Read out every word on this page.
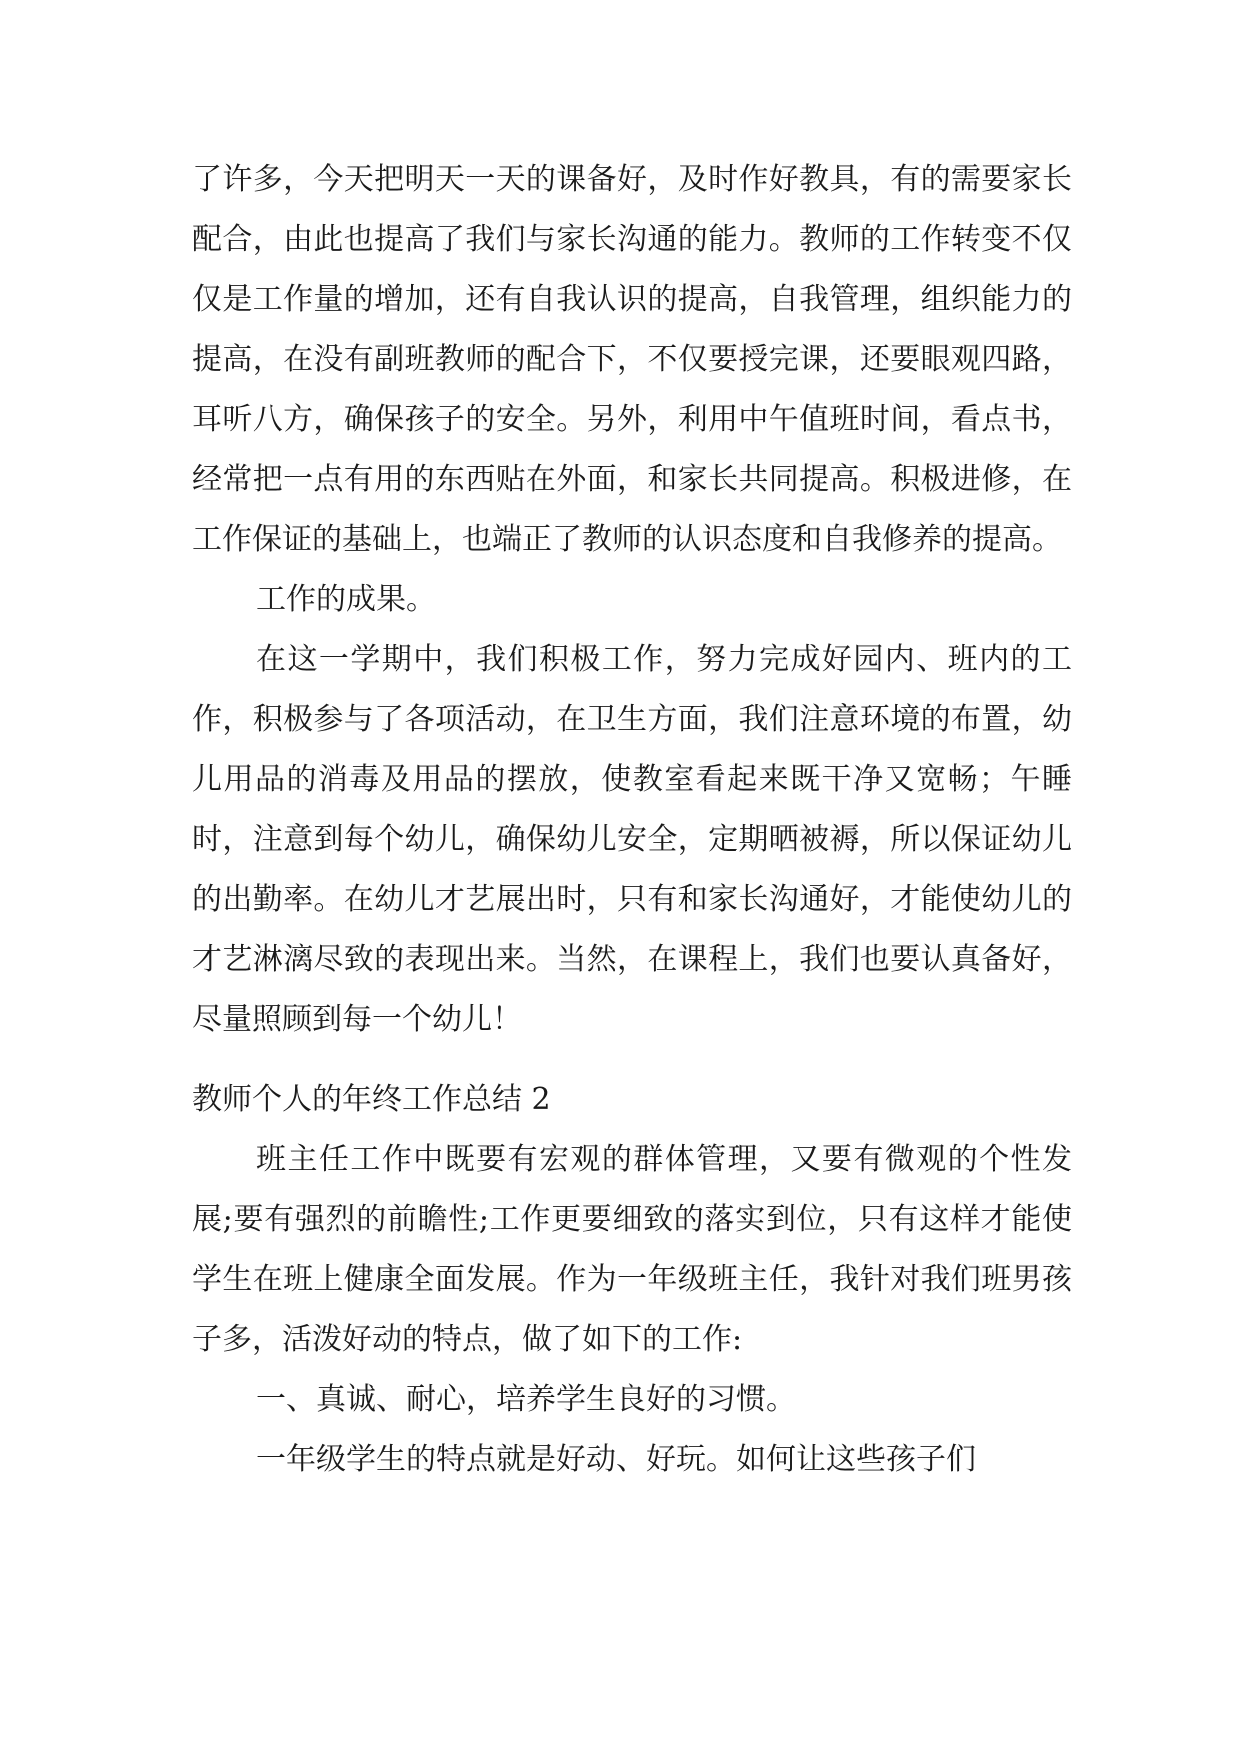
了许多，今天把明天一天的课备好，及时作好教具，有的需要家长配合，由此也提高了我们与家长沟通的能力。教师的工作转变不仅仅是工作量的增加，还有自我认识的提高，自我管理，组织能力的提高，在没有副班教师的配合下，不仅要授完课，还要眼观四路，耳听八方，确保孩子的安全。另外，利用中午值班时间，看点书，经常把一点有用的东西贴在外面，和家长共同提高。积极进修，在工作保证的基础上，也端正了教师的认识态度和自我修养的提高。

工作的成果。

在这一学期中，我们积极工作，努力完成好园内、班内的工作，积极参与了各项活动，在卫生方面，我们注意环境的布置，幼儿用品的消毒及用品的摆放，使教室看起来既干净又宽畅；午睡时，注意到每个幼儿，确保幼儿安全，定期晒被褥，所以保证幼儿的出勤率。在幼儿才艺展出时，只有和家长沟通好，才能使幼儿的才艺淋漓尽致的表现出来。当然，在课程上，我们也要认真备好，尽量照顾到每一个幼儿！

教师个人的年终工作总结 2

班主任工作中既要有宏观的群体管理，又要有微观的个性发展;要有强烈的前瞻性;工作更要细致的落实到位，只有这样才能使学生在班上健康全面发展。作为一年级班主任，我针对我们班男孩子多，活泼好动的特点，做了如下的工作:

一、真诚、耐心，培养学生良好的习惯。

一年级学生的特点就是好动、好玩。如何让这些孩子们
